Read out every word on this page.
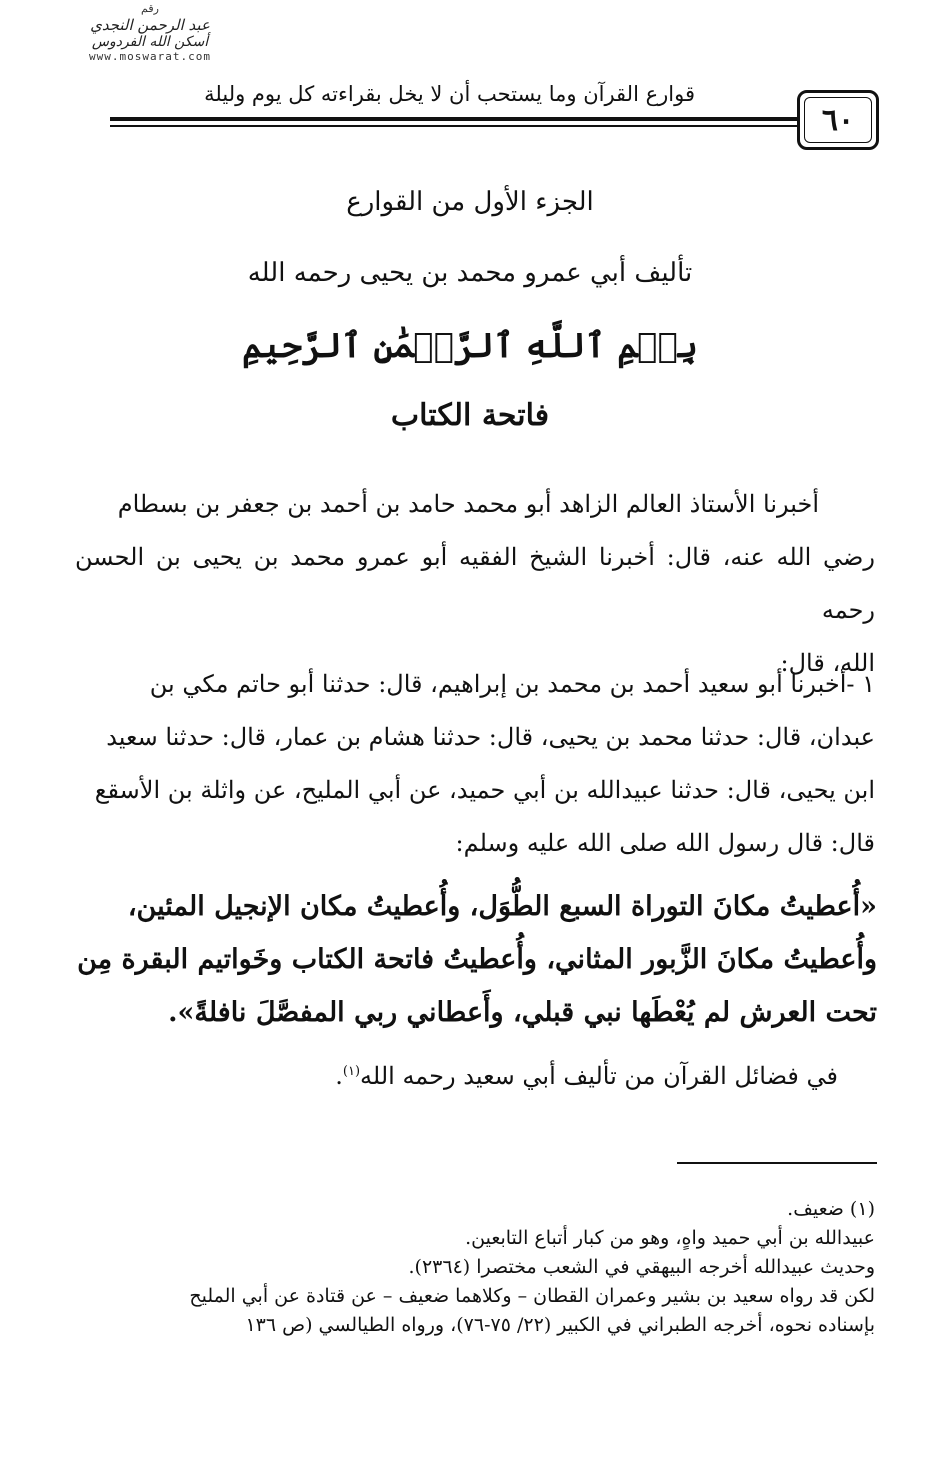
رقم
عبد الرحمن النجدي
أسكن الله الفردوس
www.moswarat.com
قوارع القرآن وما يستحب أن لا يخل بقراءته كل يوم وليلة
٦٠
الجزء الأول من القوارع
تأليف أبي عمرو محمد بن يحيى رحمه الله
بِسۡمِ ٱللَّهِ ٱلرَّحۡمَٰنِ ٱلرَّحِيمِ
فاتحة الكتاب
أخبرنا الأستاذ العالم الزاهد أبو محمد حامد بن أحمد بن جعفر بن بسطام
رضي الله عنه، قال: أخبرنا الشيخ الفقيه أبو عمرو محمد بن يحيى بن الحسن رحمه
الله، قال:
١ -أخبرنا أبو سعيد أحمد بن محمد بن إبراهيم، قال: حدثنا أبو حاتم مكي بن
عبدان، قال: حدثنا محمد بن يحيى، قال: حدثنا هشام بن عمار، قال: حدثنا سعيد
ابن يحيى، قال: حدثنا عبيدالله بن أبي حميد، عن أبي المليح، عن واثلة بن الأسقع
قال: قال رسول الله صلى الله عليه وسلم:
«أُعطيتُ مكانَ التوراة السبع الطُّوَل، وأُعطيتُ مكان الإنجيل المئين،
وأُعطيتُ مكانَ الزَّبور المثاني، وأُعطيتُ فاتحة الكتاب وخَواتيم البقرة مِن
تحت العرش لم يُعْطَها نبي قبلي، وأَعطاني ربي المفصَّلَ نافلةً».
في فضائل القرآن من تأليف أبي سعيد رحمه الله$^{(١)}$.
(١) ضعيف.
عبيدالله بن أبي حميد واهٍ، وهو من كبار أتباع التابعين.
وحديث عبيدالله أخرجه البيهقي في الشعب مختصرا (٢٣٦٤).
لكن قد رواه سعيد بن بشير وعمران القطان – وكلاهما ضعيف – عن قتادة عن أبي المليح
بإسناده نحوه، أخرجه الطبراني في الكبير (٢٢/ ٧٥-٧٦)، ورواه الطيالسي (ص ١٣٦
